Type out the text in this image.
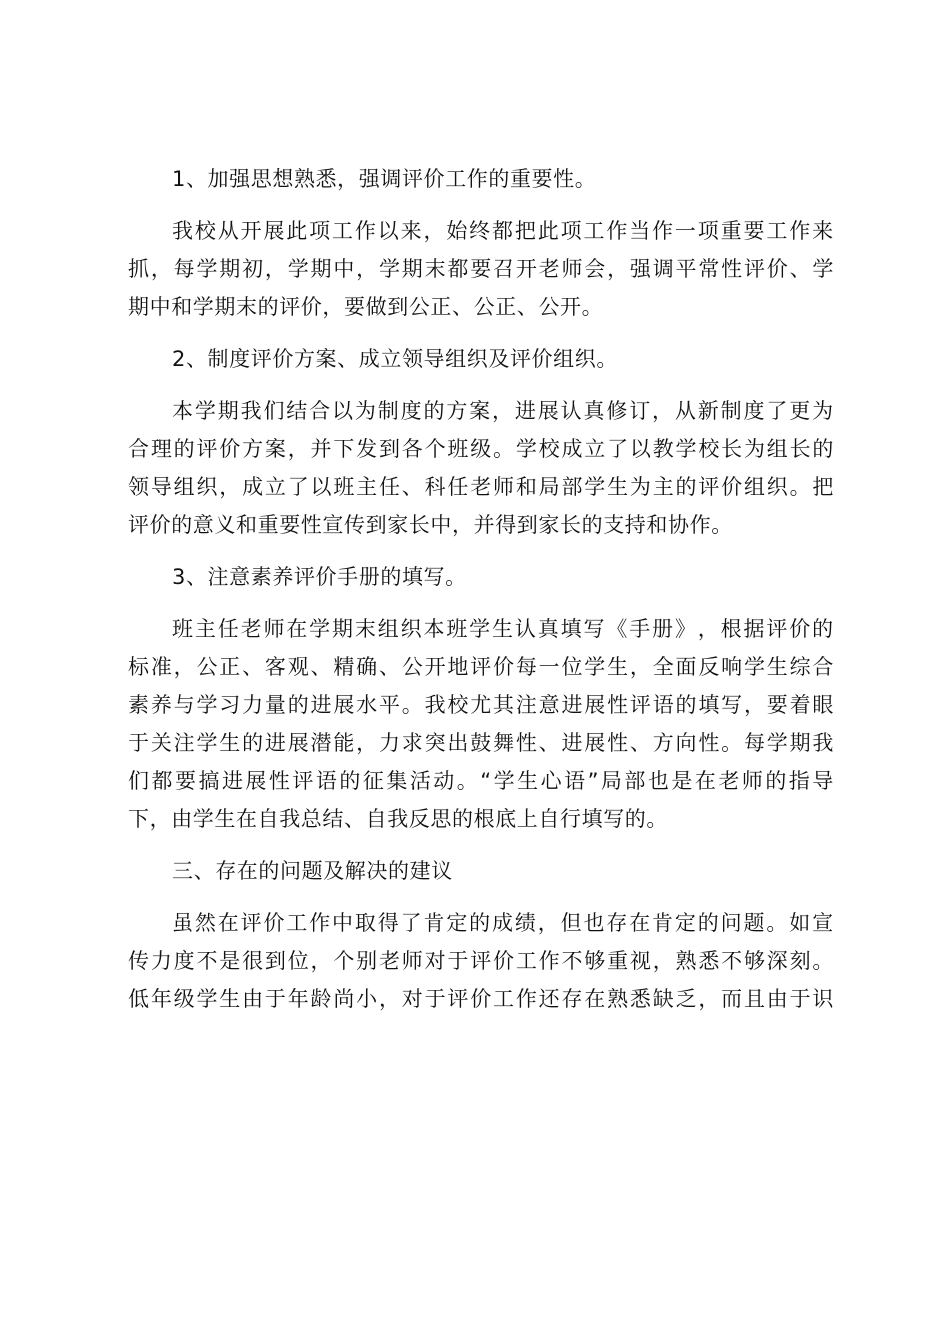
1、加强思想熟悉，强调评价工作的重要性。
我 校 从 开 展 此 项 工 作 以 来 ， 始 终 都 把 此 项 工 作 当 作 一 项 重 要 工 作 来
抓 ， 每 学 期 初 ， 学 期 中 ， 学 期 末 都 要 召 开 老 师 会 ， 强 调 平 常 性 评 价 、 学
期中和学期末的评价，要做到公正、公正、公开。
2、制度评价方案、成立领导组织及评价组织。
本 学 期 我 们 结 合 以 为 制 度 的 方 案 ， 进 展 认 真 修 订 ， 从 新 制 度 了 更 为
合 理 的 评 价 方 案 ， 并 下 发 到 各 个 班 级 。 学 校 成 立 了 以 教 学 校 长 为 组 长 的
领 导 组 织 ， 成 立 了 以 班 主 任 、 科 任 老 师 和 局 部 学 生 为 主 的 评 价 组 织 。 把
评价的意义和重要性宣传到家长中，并得到家长的支持和协作。
3、注意素养评价手册的填写。
班 主 任 老 师 在 学 期 末 组 织 本 班 学 生 认 真 填 写 《 手 册 》 ， 根 据 评 价 的
标 准 ， 公 正 、 客 观 、 精 确 、 公 开 地 评 价 每 一 位 学 生 ， 全 面 反 响 学 生 综 合
素 养 与 学 习 力 量 的 进 展 水 平 。 我 校 尤 其 注 意 进 展 性 评 语 的 填 写 ， 要 着 眼
于 关 注 学 生 的 进 展 潜 能 ， 力 求 突 出 鼓 舞 性 、 进 展 性 、 方 向 性 。 每 学 期 我
们 都 要 搞 进 展 性 评 语 的 征 集 活 动 。 “ 学 生 心 语 ” 局 部 也 是 在 老 师 的 指 导
下，由学生在自我总结、自我反思的根底上自行填写的。
三、存在的问题及解决的建议
虽 然 在 评 价 工 作 中 取 得 了 肯 定 的 成 绩 ， 但 也 存 在 肯 定 的 问 题 。 如 宣
传 力 度 不 是 很 到 位 ， 个 别 老 师 对 于 评 价 工 作 不 够 重 视 ， 熟 悉 不 够 深 刻 。
低 年 级 学 生 由 于 年 龄 尚 小 ， 对 于 评 价 工 作 还 存 在 熟 悉 缺 乏 ， 而 且 由 于 识
